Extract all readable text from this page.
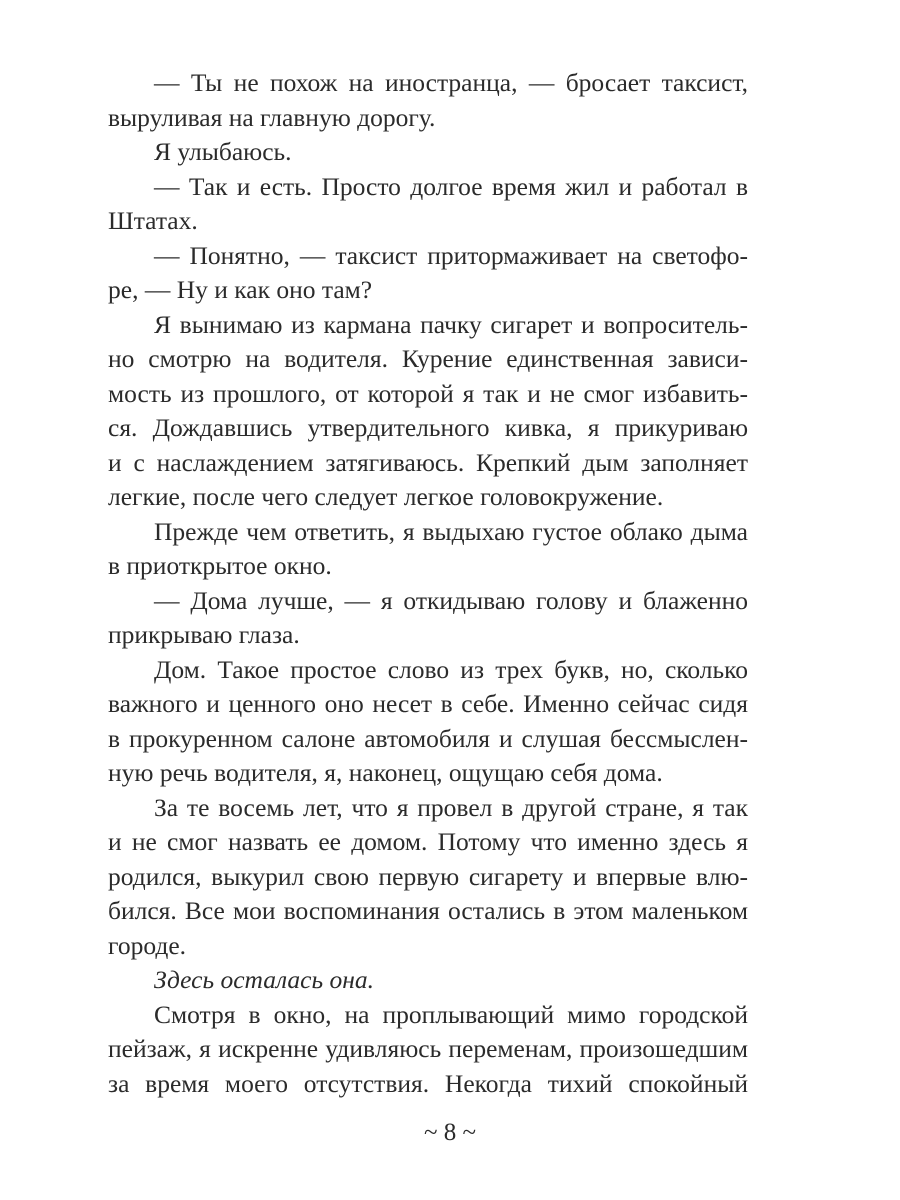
— Ты не похож на иностранца, — бросает таксист,
выруливая на главную дорогу.
Я улыбаюсь.
— Так и есть. Просто долгое время жил и работал в
Штатах.
— Понятно, — таксист притормаживает на светофо-
ре, — Ну и как оно там?
Я вынимаю из кармана пачку сигарет и вопроситель-
но смотрю на водителя. Курение единственная зависи-
мость из прошлого, от которой я так и не смог избавить-
ся. Дождавшись утвердительного кивка, я прикуриваю
и с наслаждением затягиваюсь. Крепкий дым заполняет
легкие, после чего следует легкое головокружение.
Прежде чем ответить, я выдыхаю густое облако дыма
в приоткрытое окно.
— Дома лучше, — я откидываю голову и блаженно
прикрываю глаза.
Дом. Такое простое слово из трех букв, но, сколько
важного и ценного оно несет в себе. Именно сейчас сидя
в прокуренном салоне автомобиля и слушая бессмыслен-
ную речь водителя, я, наконец, ощущаю себя дома.
За те восемь лет, что я провел в другой стране, я так
и не смог назвать ее домом. Потому что именно здесь я
родился, выкурил свою первую сигарету и впервые влю-
бился. Все мои воспоминания остались в этом маленьком
городе.
Здесь осталась она.
Смотря в окно, на проплывающий мимо городской
пейзаж, я искренне удивляюсь переменам, произошедшим
за время моего отсутствия. Некогда тихий спокойный
~ 8 ~
